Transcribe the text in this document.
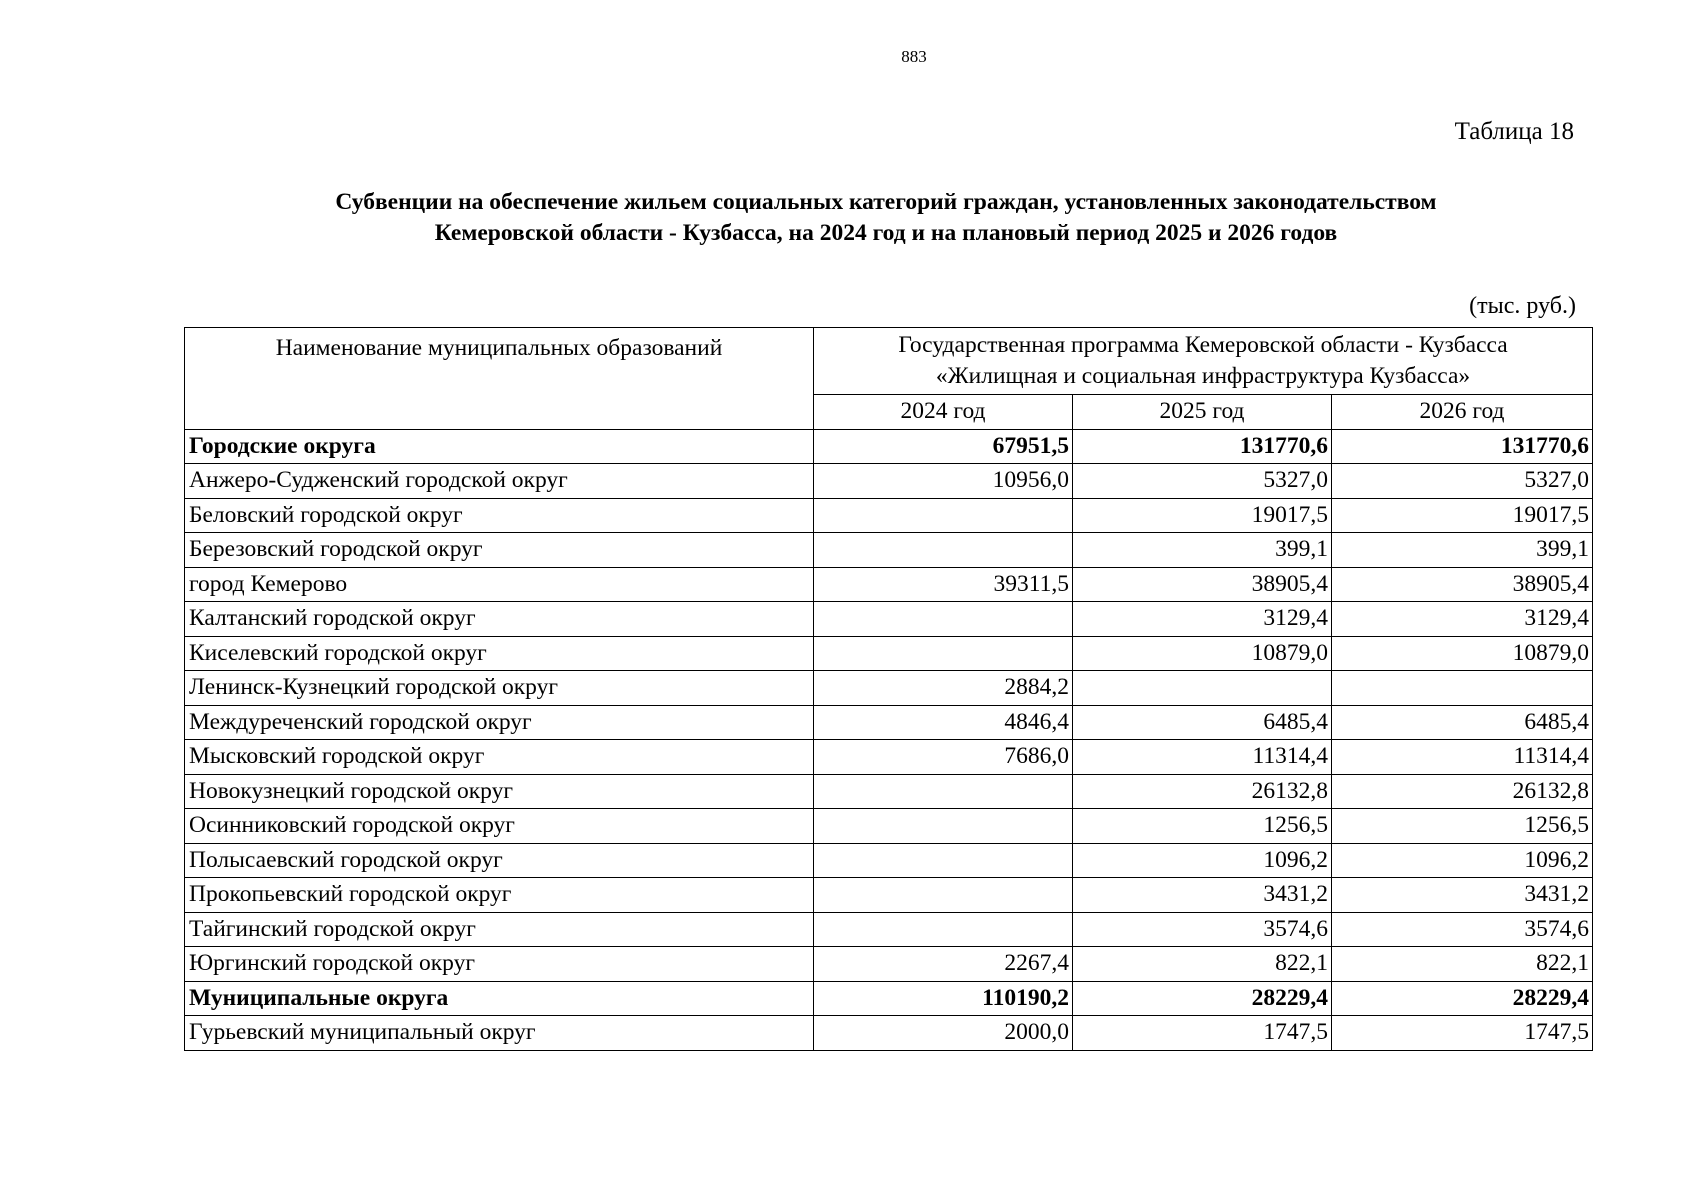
883
Таблица 18
Субвенции на обеспечение жильем социальных категорий граждан, установленных законодательством
Кемеровской области - Кузбасса, на 2024 год и на плановый период 2025 и 2026 годов
(тыс. руб.)
Наименование муниципальных образований	Государственная программа Кемеровской области - Кузбасса
«Жилищная и социальная инфраструктура Кузбасса»		

	2024 год	2025 год	2026 год
Городские округа	67951,5	131770,6	131770,6
Анжеро-Судженский городской округ	10956,0	5327,0	5327,0
Беловский городской округ		19017,5	19017,5
Березовский городской округ		399,1	399,1
город Кемерово	39311,5	38905,4	38905,4
Калтанский городской округ		3129,4	3129,4
Киселевский городской округ		10879,0	10879,0
Ленинск-Кузнецкий городской округ	2884,2		
Междуреченский городской округ	4846,4	6485,4	6485,4
Мысковский городской округ	7686,0	11314,4	11314,4
Новокузнецкий городской округ		26132,8	26132,8
Осинниковский городской округ		1256,5	1256,5
Полысаевский городской округ		1096,2	1096,2
Прокопьевский городской округ		3431,2	3431,2
Тайгинский городской округ		3574,6	3574,6
Юргинский городской округ	2267,4	822,1	822,1
Муниципальные округа	110190,2	28229,4	28229,4
Гурьевский муниципальный округ	2000,0	1747,5	1747,5
